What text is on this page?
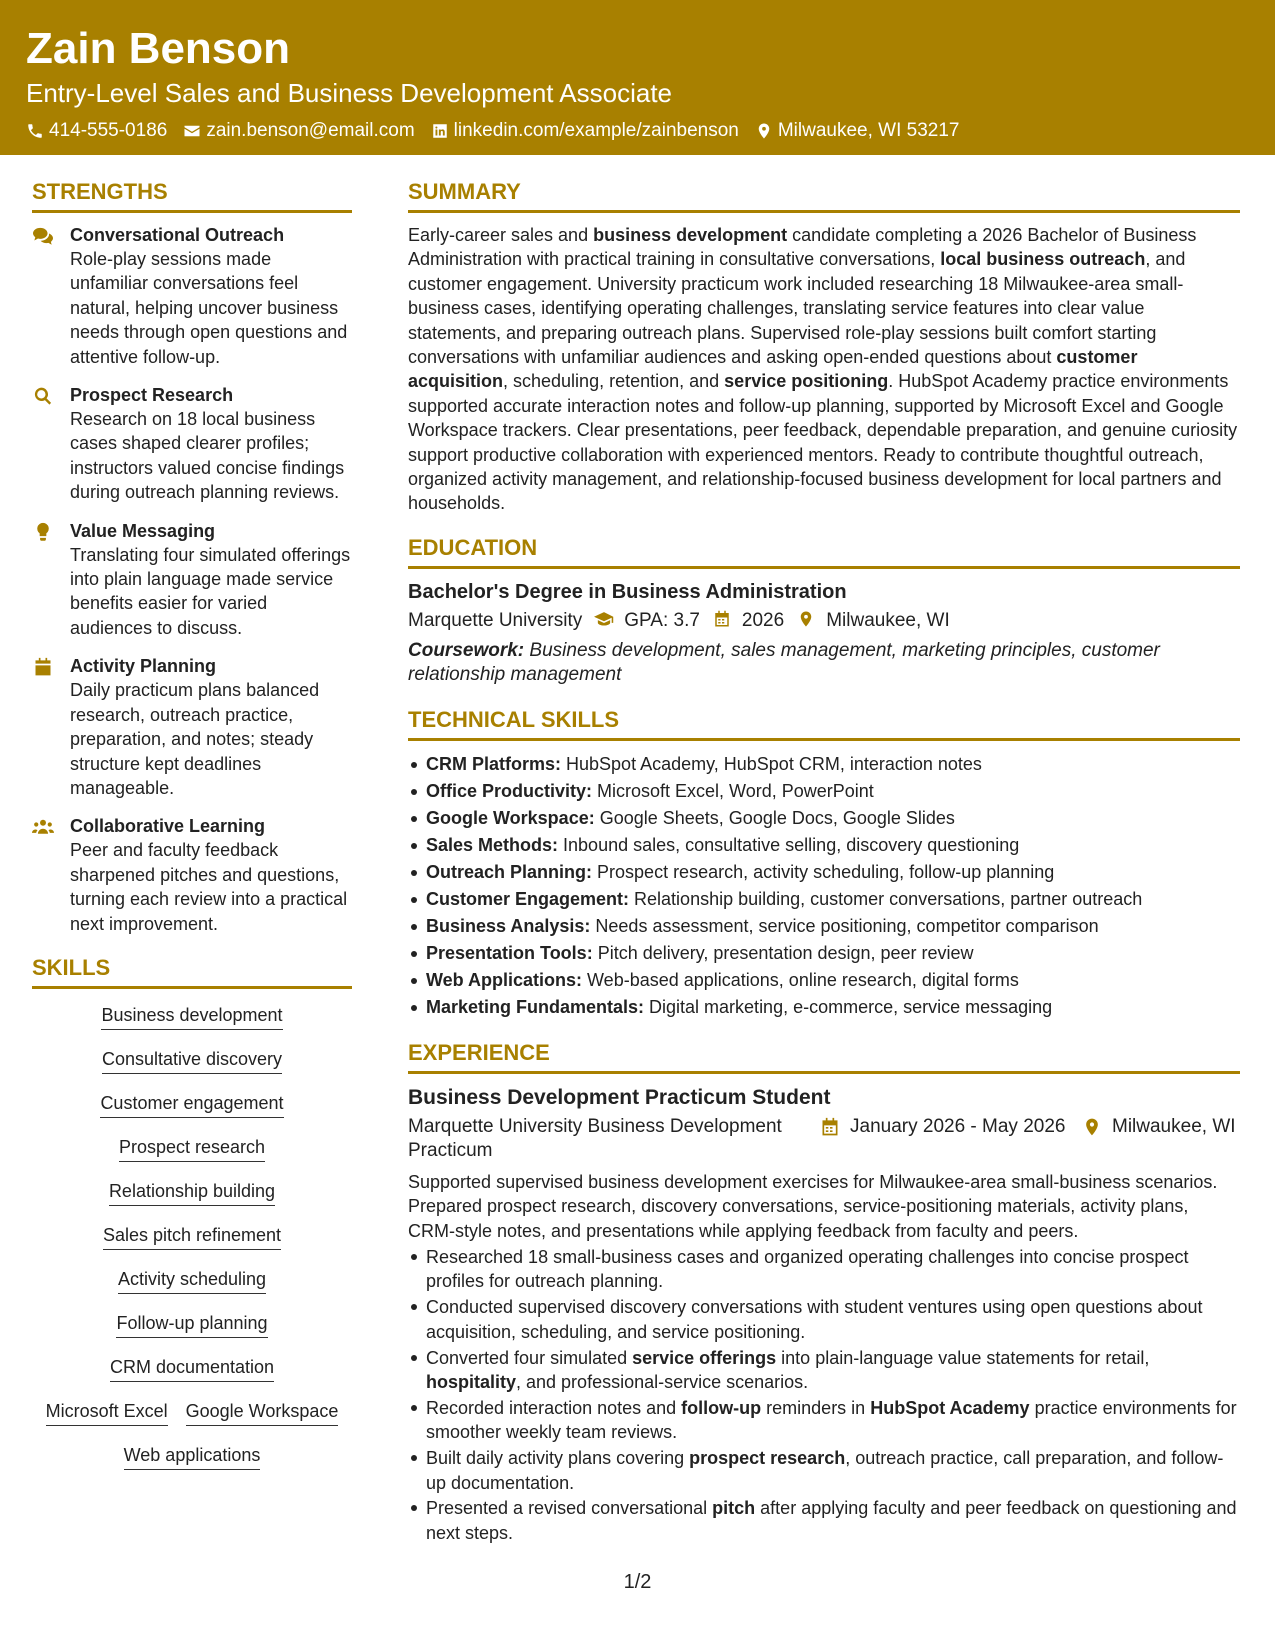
Zain Benson
Entry-Level Sales and Business Development Associate
414-555-0186 zain.benson@email.com linkedin.com/example/zainbenson Milwaukee, WI 53217
STRENGTHS
Conversational Outreach
Role-play sessions made unfamiliar conversations feel natural, helping uncover business needs through open questions and attentive follow-up.
Prospect Research
Research on 18 local business cases shaped clearer profiles; instructors valued concise findings during outreach planning reviews.
Value Messaging
Translating four simulated offerings into plain language made service benefits easier for varied audiences to discuss.
Activity Planning
Daily practicum plans balanced research, outreach practice, preparation, and notes; steady structure kept deadlines manageable.
Collaborative Learning
Peer and faculty feedback sharpened pitches and questions, turning each review into a practical next improvement.
SKILLS
Business development
Consultative discovery
Customer engagement
Prospect research
Relationship building
Sales pitch refinement
Activity scheduling
Follow-up planning
CRM documentation
Microsoft Excel Google Workspace
Web applications
SUMMARY

Early-career sales and business development candidate completing a 2026 Bachelor of Business Administration with practical training in consultative conversations, local business outreach, and customer engagement. University practicum work included researching 18 Milwaukee-area small-business cases, identifying operating challenges, translating service features into clear value statements, and preparing outreach plans. Supervised role-play sessions built comfort starting conversations with unfamiliar audiences and asking open-ended questions about customer acquisition, scheduling, retention, and service positioning. HubSpot Academy practice environments supported accurate interaction notes and follow-up planning, supported by Microsoft Excel and Google Workspace trackers. Clear presentations, peer feedback, dependable preparation, and genuine curiosity support productive collaboration with experienced mentors. Ready to contribute thoughtful outreach, organized activity management, and relationship-focused business development for local partners and households.

EDUCATION
Bachelor's Degree in Business Administration
Marquette University GPA: 3.7 2026 Milwaukee, WI
Coursework: Business development, sales management, marketing principles, customer relationship management
TECHNICAL SKILLS
CRM Platforms: HubSpot Academy, HubSpot CRM, interaction notes
Office Productivity: Microsoft Excel, Word, PowerPoint
Google Workspace: Google Sheets, Google Docs, Google Slides
Sales Methods: Inbound sales, consultative selling, discovery questioning
Outreach Planning: Prospect research, activity scheduling, follow-up planning
Customer Engagement: Relationship building, customer conversations, partner outreach
Business Analysis: Needs assessment, service positioning, competitor comparison
Presentation Tools: Pitch delivery, presentation design, peer review
Web Applications: Web-based applications, online research, digital forms
Marketing Fundamentals: Digital marketing, e-commerce, service messaging
EXPERIENCE
Business Development Practicum Student
Marquette University Business Development Practicum
January 2026 - May 2026 Milwaukee, WI

Supported supervised business development exercises for Milwaukee-area small-business scenarios. Prepared prospect research, discovery conversations, service-positioning materials, activity plans, CRM-style notes, and presentations while applying feedback from faculty and peers.

Researched 18 small-business cases and organized operating challenges into concise prospect profiles for outreach planning.
Conducted supervised discovery conversations with student ventures using open questions about acquisition, scheduling, and service positioning.
Converted four simulated service offerings into plain-language value statements for retail, hospitality, and professional-service scenarios.
Recorded interaction notes and follow-up reminders in HubSpot Academy practice environments for smoother weekly team reviews.
Built daily activity plans covering prospect research, outreach practice, call preparation, and follow-up documentation.
Presented a revised conversational pitch after applying faculty and peer feedback on questioning and next steps.
1/2
